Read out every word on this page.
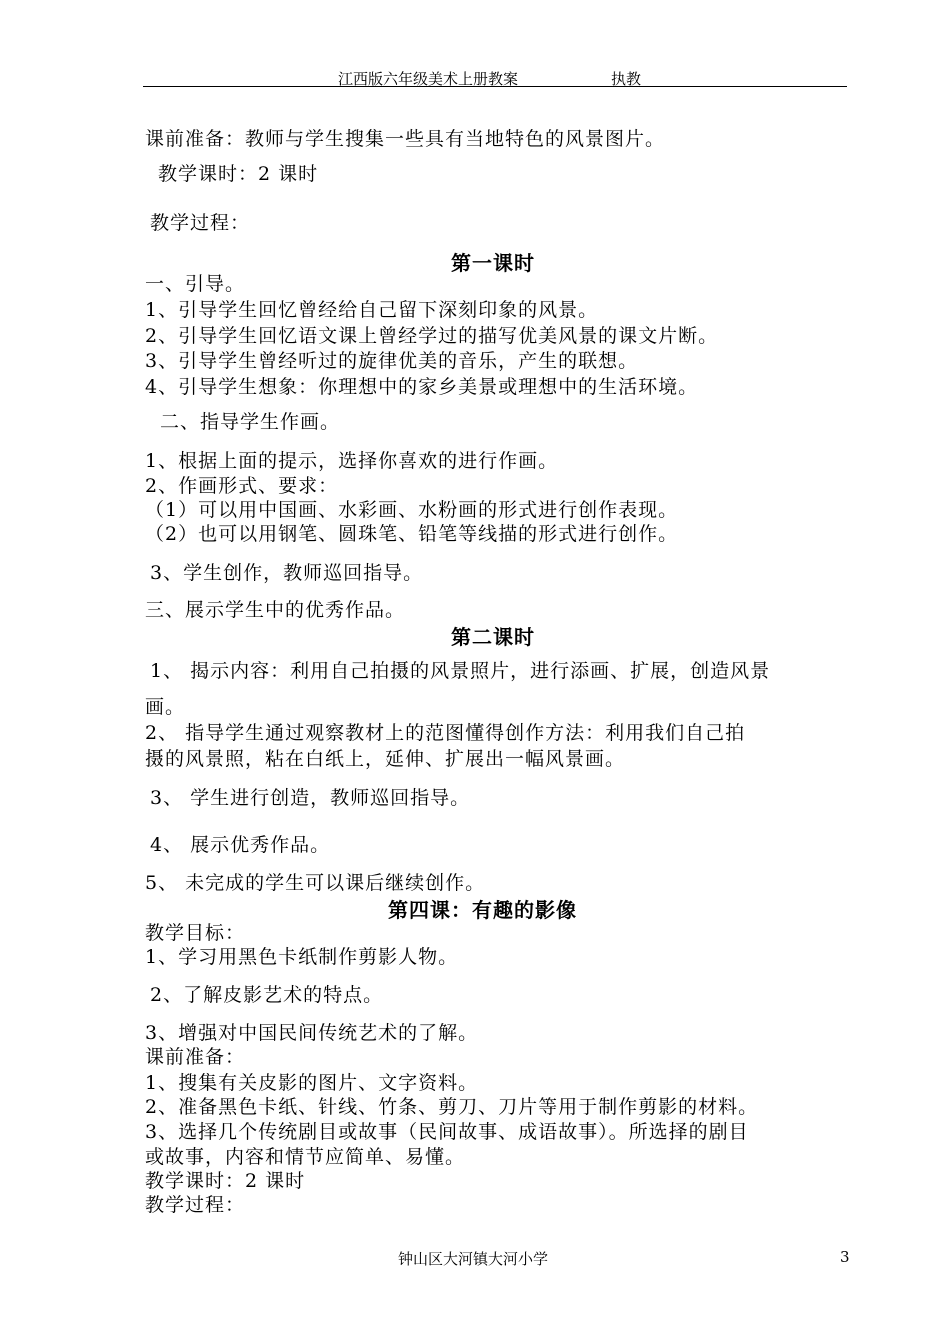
江西版六年级美术上册教案	执教
课前准备：教师与学生搜集一些具有当地特色的风景图片。
教学课时：2 课时
教学过程：
第一课时
一、引导。
1、引导学生回忆曾经给自己留下深刻印象的风景。
2、引导学生回忆语文课上曾经学过的描写优美风景的课文片断。
3、引导学生曾经听过的旋律优美的音乐，产生的联想。
4、引导学生想象：你理想中的家乡美景或理想中的生活环境。
二、指导学生作画。
1、根据上面的提示，选择你喜欢的进行作画。
2、作画形式、要求：
（1）可以用中国画、水彩画、水粉画的形式进行创作表现。
（2）也可以用钢笔、圆珠笔、铅笔等线描的形式进行创作。
3、学生创作，教师巡回指导。
三、展示学生中的优秀作品。
第二课时
1、 揭示内容：利用自己拍摄的风景照片，进行添画、扩展，创造风景
画。
2、 指导学生通过观察教材上的范图懂得创作方法：利用我们自己拍
摄的风景照，粘在白纸上，延伸、扩展出一幅风景画。
3、 学生进行创造，教师巡回指导。
4、 展示优秀作品。
5、 未完成的学生可以课后继续创作。
第四课：有趣的影像
教学目标：
1、学习用黑色卡纸制作剪影人物。
2、了解皮影艺术的特点。
3、增强对中国民间传统艺术的了解。
课前准备：
1、搜集有关皮影的图片、文字资料。
2、准备黑色卡纸、针线、竹条、剪刀、刀片等用于制作剪影的材料。
3、选择几个传统剧目或故事（民间故事、成语故事）。所选择的剧目
或故事，内容和情节应简单、易懂。
教学课时：2 课时
教学过程：
钟山区大河镇大河小学	3
